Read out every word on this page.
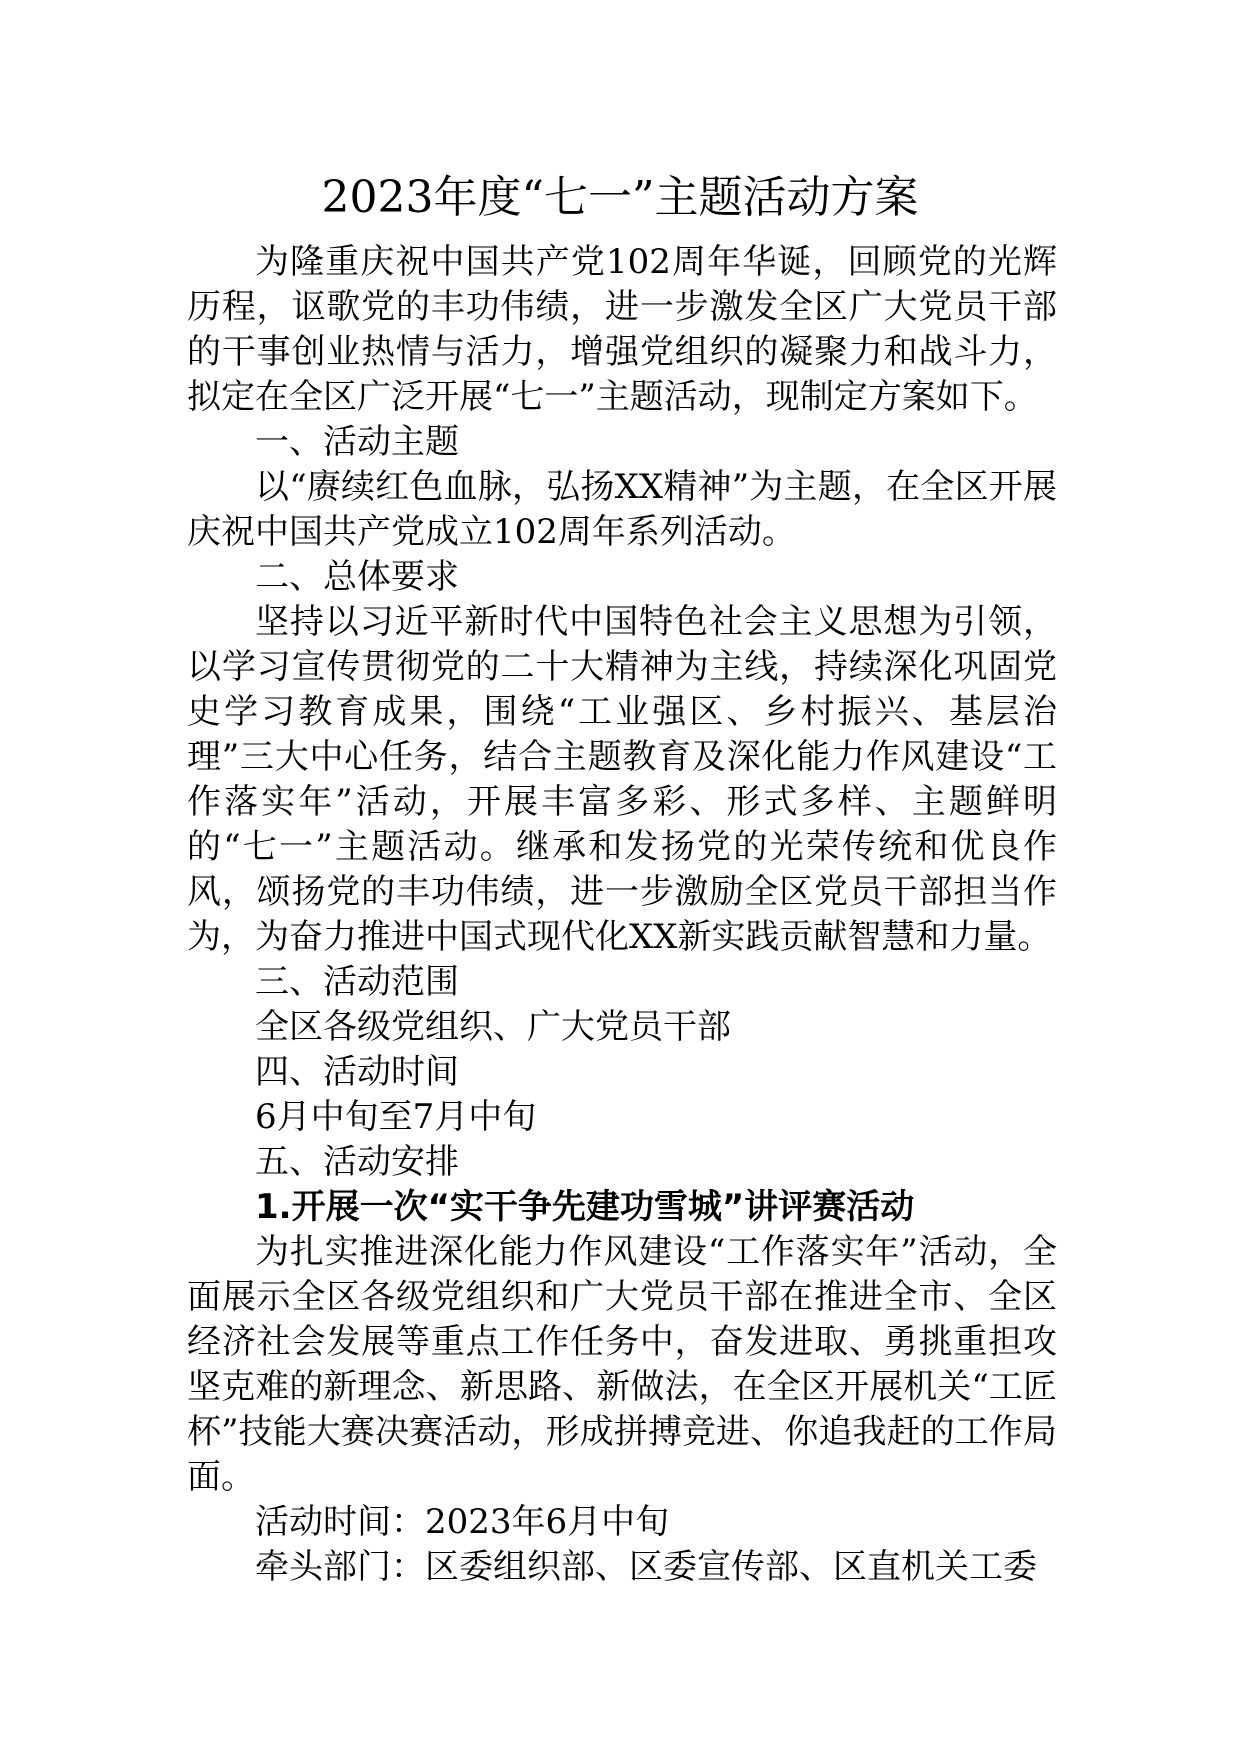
2023年度“七一”主题活动方案

为隆重庆祝中国共产党102周年华诞，回顾党的光辉历程，讴歌党的丰功伟绩，进一步激发全区广大党员干部的干事创业热情与活力，增强党组织的凝聚力和战斗力，拟定在全区广泛开展“七一”主题活动，现制定方案如下。

一、活动主题

以“赓续红色血脉，弘扬XX精神”为主题，在全区开展庆祝中国共产党成立102周年系列活动。

二、总体要求

坚持以习近平新时代中国特色社会主义思想为引领，以学习宣传贯彻党的二十大精神为主线，持续深化巩固党史学习教育成果，围绕“工业强区、乡村振兴、基层治理”三大中心任务，结合主题教育及深化能力作风建设“工作落实年”活动，开展丰富多彩、形式多样、主题鲜明的“七一”主题活动。继承和发扬党的光荣传统和优良作风，颂扬党的丰功伟绩，进一步激励全区党员干部担当作为，为奋力推进中国式现代化XX新实践贡献智慧和力量。

三、活动范围

全区各级党组织、广大党员干部

四、活动时间

6月中旬至7月中旬

五、活动安排

1.开展一次“实干争先建功雪城”讲评赛活动

为扎实推进深化能力作风建设“工作落实年”活动，全面展示全区各级党组织和广大党员干部在推进全市、全区经济社会发展等重点工作任务中，奋发进取、勇挑重担攻坚克难的新理念、新思路、新做法，在全区开展机关“工匠杯”技能大赛决赛活动，形成拼搏竞进、你追我赶的工作局面。

活动时间：2023年6月中旬

牵头部门：区委组织部、区委宣传部、区直机关工委
